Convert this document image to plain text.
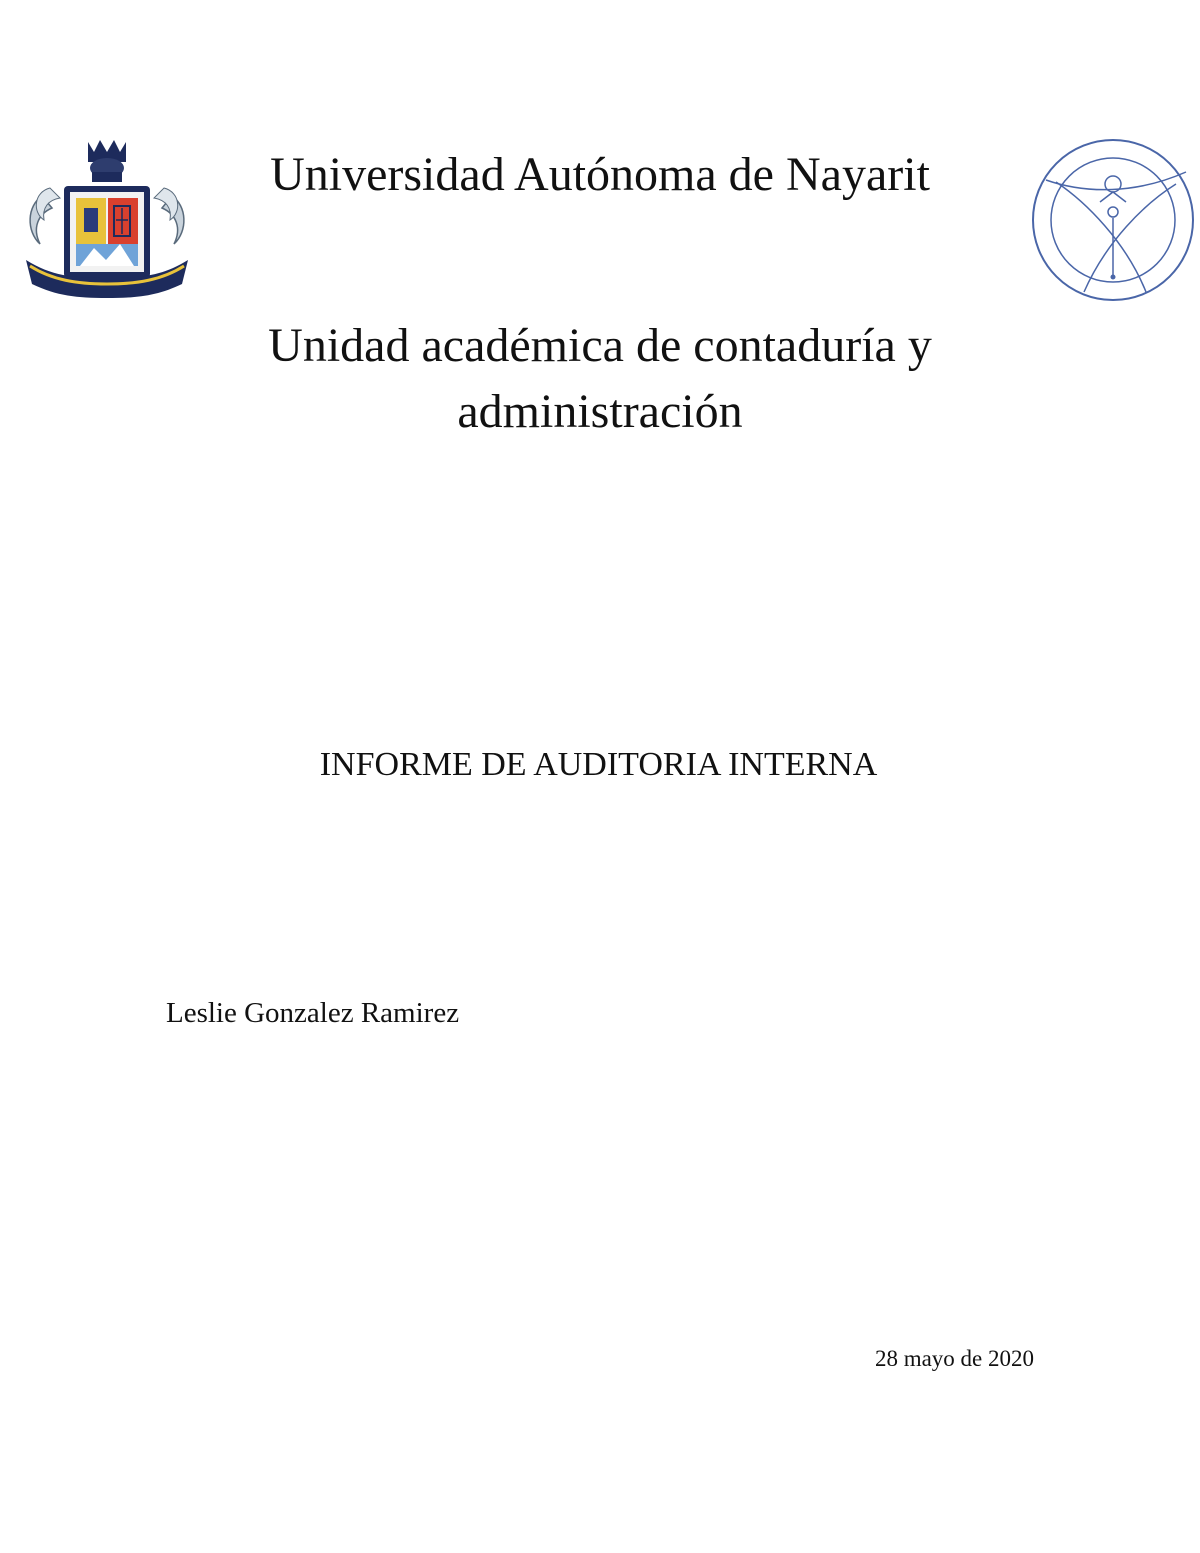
Universidad Autónoma de Nayarit
Unidad académica de contaduría y administración
INFORME DE AUDITORIA INTERNA

Leslie Gonzalez Ramirez

28 mayo de 2020
